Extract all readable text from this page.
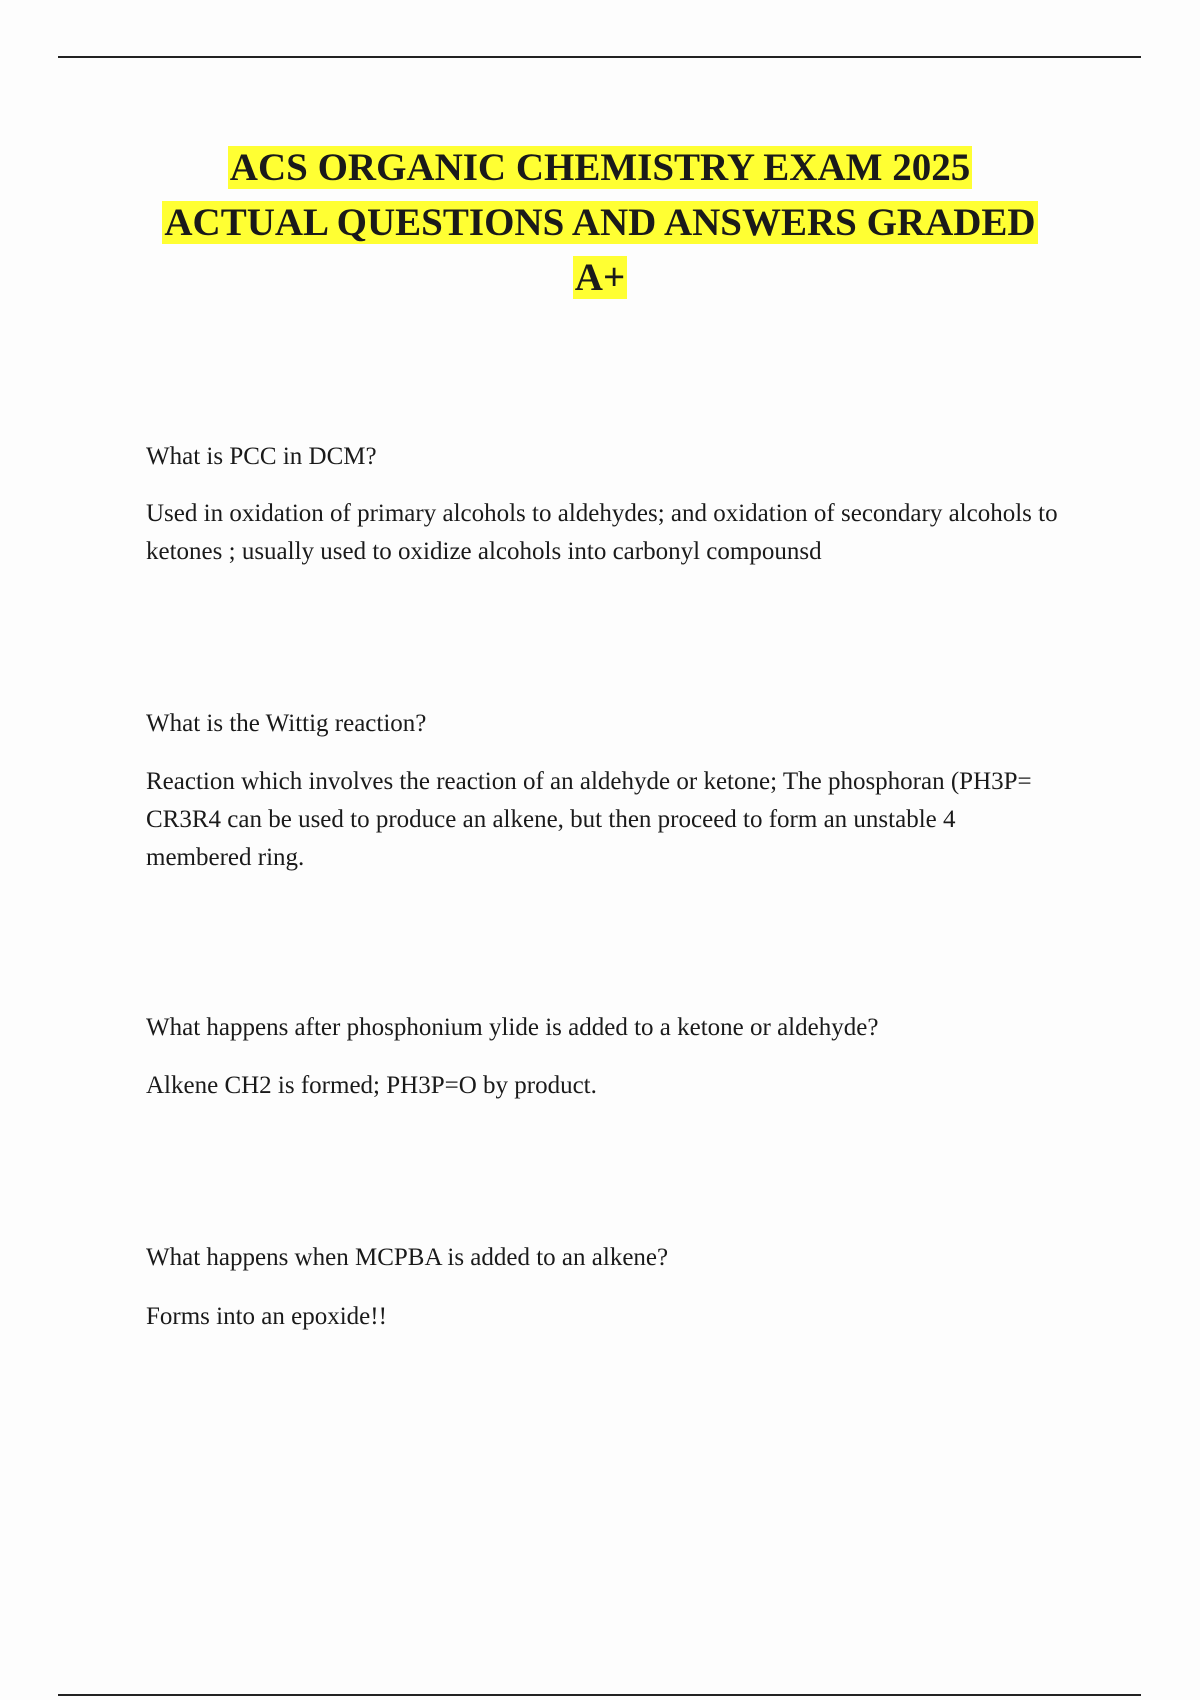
ACS ORGANIC CHEMISTRY EXAM 2025
ACTUAL QUESTIONS AND ANSWERS GRADED
A+
What is PCC in DCM?
Used in oxidation of primary alcohols to aldehydes; and oxidation of secondary alcohols to ketones ; usually used to oxidize alcohols into carbonyl compounsd
What is the Wittig reaction?
Reaction which involves the reaction of an aldehyde or ketone; The phosphoran (PH3P= CR3R4 can be used to produce an alkene, but then proceed to form an unstable 4 membered ring.
What happens after phosphonium ylide is added to a ketone or aldehyde?
Alkene CH2 is formed; PH3P=O by product.
What happens when MCPBA is added to an alkene?
Forms into an epoxide!!
